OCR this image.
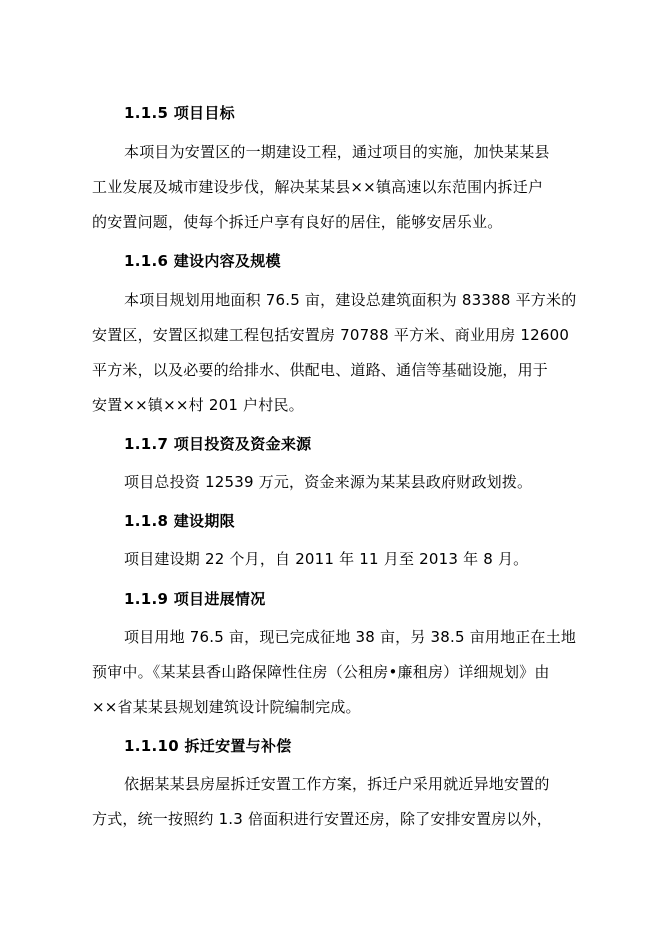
1.1.5 项目目标
本项目为安置区的一期建设工程，通过项目的实施，加快某某县
工业发展及城市建设步伐，解决某某县××镇高速以东范围内拆迁户
的安置问题，使每个拆迁户享有良好的居住，能够安居乐业。
1.1.6 建设内容及规模
本项目规划用地面积 76.5 亩，建设总建筑面积为 83388 平方米的
安置区，安置区拟建工程包括安置房 70788 平方米、商业用房 12600
平方米，以及必要的给排水、供配电、道路、通信等基础设施，用于
安置××镇××村 201 户村民。
1.1.7 项目投资及资金来源
项目总投资 12539 万元，资金来源为某某县政府财政划拨。
1.1.8 建设期限
项目建设期 22 个月，自 2011 年 11 月至 2013 年 8 月。
1.1.9 项目进展情况
项目用地 76.5 亩，现已完成征地 38 亩，另 38.5 亩用地正在土地
预审中。《某某县香山路保障性住房（公租房•廉租房）详细规划》由
××省某某县规划建筑设计院编制完成。
1.1.10 拆迁安置与补偿
依据某某县房屋拆迁安置工作方案，拆迁户采用就近异地安置的
方式，统一按照约 1.3 倍面积进行安置还房，除了安排安置房以外，
